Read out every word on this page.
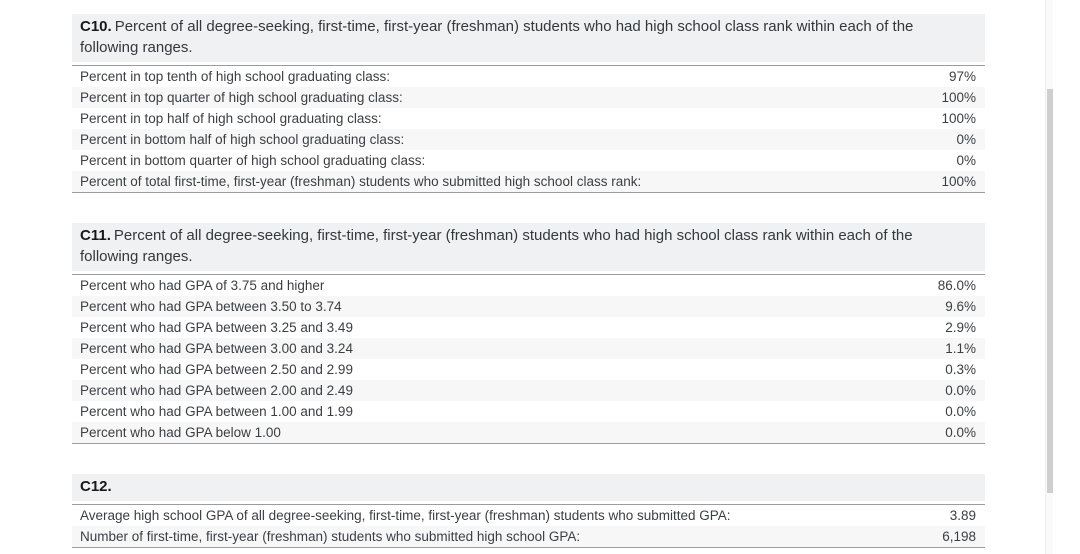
C10. Percent of all degree-seeking, first-time, first-year (freshman) students who had high school class rank within each of the following ranges.
Percent in top tenth of high school graduating class:	97%
Percent in top quarter of high school graduating class:	100%
Percent in top half of high school graduating class:	100%
Percent in bottom half of high school graduating class:	0%
Percent in bottom quarter of high school graduating class:	0%
Percent of total first-time, first-year (freshman) students who submitted high school class rank:	100%
C11. Percent of all degree-seeking, first-time, first-year (freshman) students who had high school class rank within each of the following ranges.
Percent who had GPA of 3.75 and higher	86.0%
Percent who had GPA between 3.50 to 3.74	9.6%
Percent who had GPA between 3.25 and 3.49	2.9%
Percent who had GPA between 3.00 and 3.24	1.1%
Percent who had GPA between 2.50 and 2.99	0.3%
Percent who had GPA between 2.00 and 2.49	0.0%
Percent who had GPA between 1.00 and 1.99	0.0%
Percent who had GPA below 1.00	0.0%
C12.
Average high school GPA of all degree-seeking, first-time, first-year (freshman) students who submitted GPA:	3.89
Number of first-time, first-year (freshman) students who submitted high school GPA:	6,198
